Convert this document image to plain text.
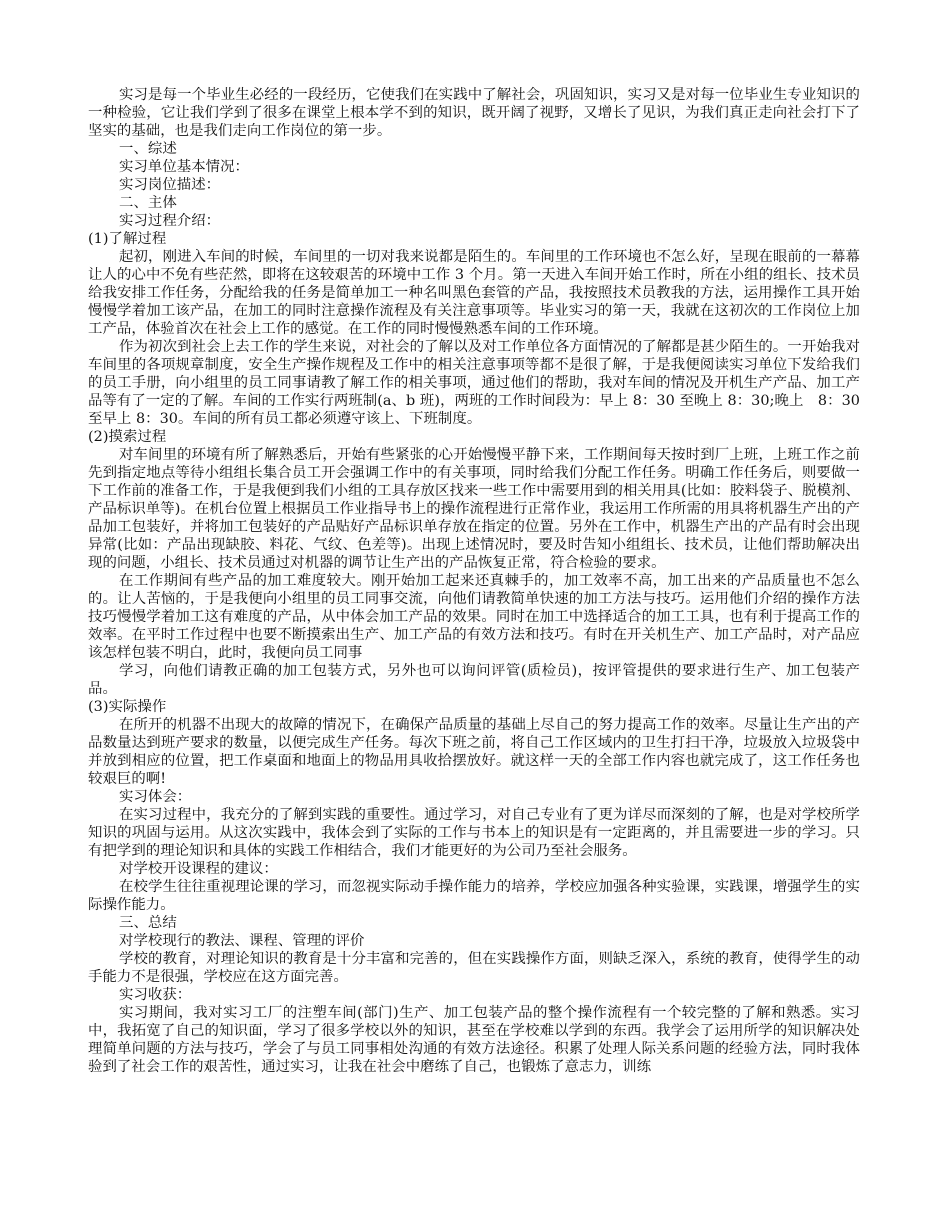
实习是每一个毕业生必经的一段经历，它使我们在实践中了解社会，巩固知识，实习又是对每一位毕业生专业知识的一种检验，它让我们学到了很多在课堂上根本学不到的知识，既开阔了视野，又增长了见识，为我们真正走向社会打下了坚实的基础，也是我们走向工作岗位的第一步。

一、综述

实习单位基本情况：

实习岗位描述：

二、主体

实习过程介绍：

(1)了解过程

起初，刚进入车间的时候，车间里的一切对我来说都是陌生的。车间里的工作环境也不怎么好，呈现在眼前的一幕幕让人的心中不免有些茫然，即将在这较艰苦的环境中工作 3 个月。第一天进入车间开始工作时，所在小组的组长、技术员给我安排工作任务，分配给我的任务是简单加工一种名叫黑色套管的产品，我按照技术员教我的方法，运用操作工具开始慢慢学着加工该产品，在加工的同时注意操作流程及有关注意事项等。毕业实习的第一天，我就在这初次的工作岗位上加工产品，体验首次在社会上工作的感觉。在工作的同时慢慢熟悉车间的工作环境。

作为初次到社会上去工作的学生来说，对社会的了解以及对工作单位各方面情况的了解都是甚少陌生的。一开始我对车间里的各项规章制度，安全生产操作规程及工作中的相关注意事项等都不是很了解，于是我便阅读实习单位下发给我们的员工手册，向小组里的员工同事请教了解工作的相关事项，通过他们的帮助，我对车间的情况及开机生产产品、加工产品等有了一定的了解。车间的工作实行两班制(a、b 班)，两班的工作时间段为：早上 8：30 至晚上 8：30;晚上　8：30 至早上 8：30。车间的所有员工都必须遵守该上、下班制度。

(2)摸索过程

对车间里的环境有所了解熟悉后，开始有些紧张的心开始慢慢平静下来，工作期间每天按时到厂上班，上班工作之前先到指定地点等待小组组长集合员工开会强调工作中的有关事项，同时给我们分配工作任务。明确工作任务后，则要做一下工作前的准备工作，于是我便到我们小组的工具存放区找来一些工作中需要用到的相关用具(比如：胶料袋子、脱模剂、产品标识单等)。在机台位置上根据员工作业指导书上的操作流程进行正常作业，我运用工作所需的用具将机器生产出的产品加工包装好，并将加工包装好的产品贴好产品标识单存放在指定的位置。另外在工作中，机器生产出的产品有时会出现异常(比如：产品出现缺胶、料花、气纹、色差等)。出现上述情况时，要及时告知小组组长、技术员，让他们帮助解决出现的问题，小组长、技术员通过对机器的调节让生产出的产品恢复正常，符合检验的要求。

在工作期间有些产品的加工难度较大。刚开始加工起来还真棘手的，加工效率不高，加工出来的产品质量也不怎么的。让人苦恼的，于是我便向小组里的员工同事交流，向他们请教简单快速的加工方法与技巧。运用他们介绍的操作方法技巧慢慢学着加工这有难度的产品，从中体会加工产品的效果。同时在加工中选择适合的加工工具，也有利于提高工作的效率。在平时工作过程中也要不断摸索出生产、加工产品的有效方法和技巧。有时在开关机生产、加工产品时，对产品应该怎样包装不明白，此时，我便向员工同事

学习，向他们请教正确的加工包装方式，另外也可以询问评管(质检员)，按评管提供的要求进行生产、加工包装产品。

(3)实际操作

在所开的机器不出现大的故障的情况下，在确保产品质量的基础上尽自己的努力提高工作的效率。尽量让生产出的产品数量达到班产要求的数量，以便完成生产任务。每次下班之前，将自己工作区域内的卫生打扫干净，垃圾放入垃圾袋中并放到相应的位置，把工作桌面和地面上的物品用具收拾摆放好。就这样一天的全部工作内容也就完成了，这工作任务也较艰巨的啊!

实习体会：

在实习过程中，我充分的了解到实践的重要性。通过学习，对自己专业有了更为详尽而深刻的了解，也是对学校所学知识的巩固与运用。从这次实践中，我体会到了实际的工作与书本上的知识是有一定距离的，并且需要进一步的学习。只有把学到的理论知识和具体的实践工作相结合，我们才能更好的为公司乃至社会服务。

对学校开设课程的建议：

在校学生往往重视理论课的学习，而忽视实际动手操作能力的培养，学校应加强各种实验课，实践课，增强学生的实际操作能力。

三、总结

对学校现行的教法、课程、管理的评价

学校的教育，对理论知识的教育是十分丰富和完善的，但在实践操作方面，则缺乏深入，系统的教育，使得学生的动手能力不是很强，学校应在这方面完善。

实习收获：

实习期间，我对实习工厂的注塑车间(部门)生产、加工包装产品的整个操作流程有一个较完整的了解和熟悉。实习中，我拓宽了自己的知识面，学习了很多学校以外的知识，甚至在学校难以学到的东西。我学会了运用所学的知识解决处理简单问题的方法与技巧，学会了与员工同事相处沟通的有效方法途径。积累了处理人际关系问题的经验方法，同时我体验到了社会工作的艰苦性，通过实习，让我在社会中磨练了自己，也锻炼了意志力，训练
